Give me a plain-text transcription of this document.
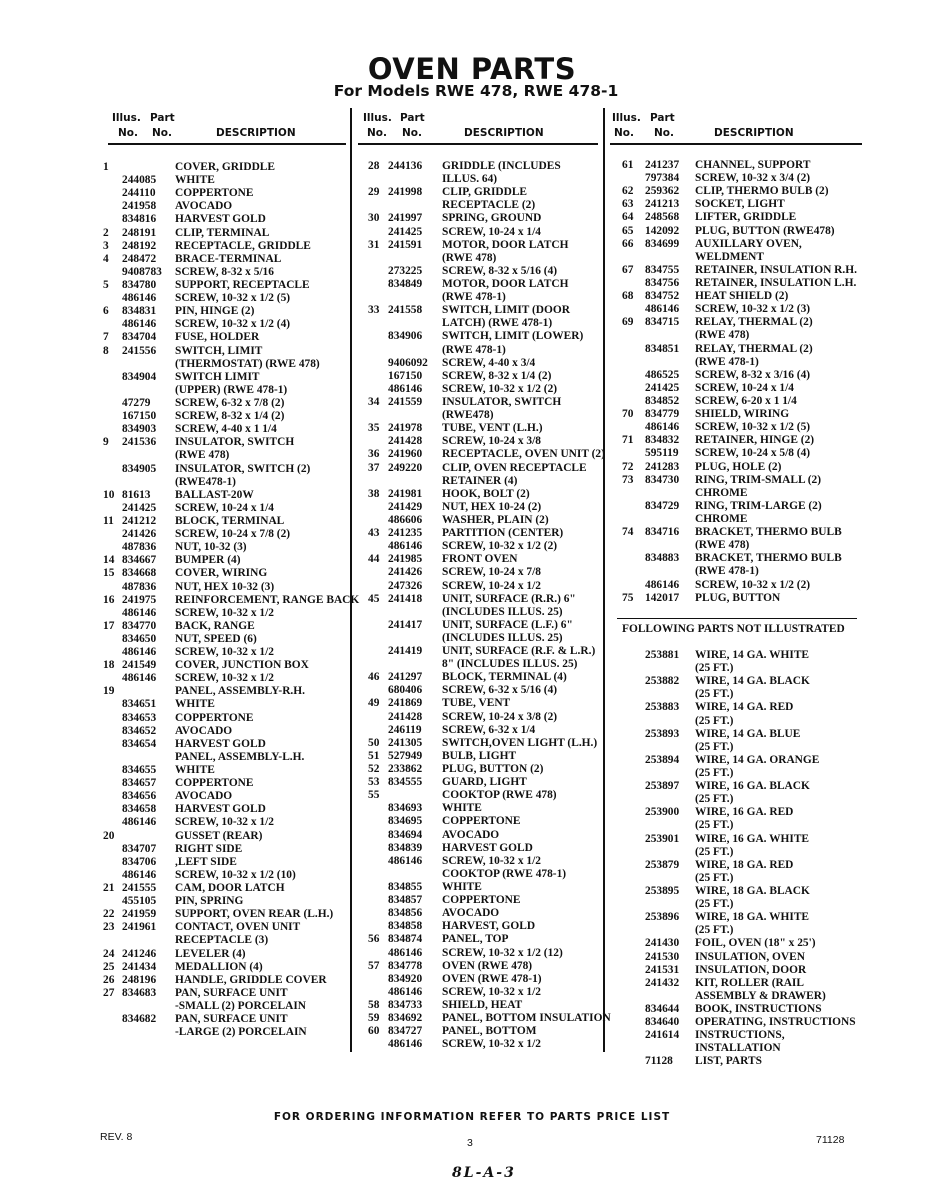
OVEN PARTS
For Models RWE 478, RWE 478-1
Illus. Part
No. No.	DESCRIPTION
Illus. Part
No. No.	DESCRIPTION
Illus. Part
No. No.	DESCRIPTION
1	COVER, GRIDDLE
244085 WHITE
244110 COPPERTONE
241958 AVOCADO
834816 HARVEST GOLD
2 248191 CLIP, TERMINAL
3 248192 RECEPTACLE, GRIDDLE
4 248472 BRACE-TERMINAL
9408783 SCREW, 8-32 x 5/16
5 834780 SUPPORT, RECEPTACLE
486146 SCREW, 10-32 x 1/2 (5)
6 834831 PIN, HINGE (2)
486146 SCREW, 10-32 x 1/2 (4)
7 834704 FUSE, HOLDER
8 241556 SWITCH, LIMIT
(THERMOSTAT) (RWE 478)
834904 SWITCH LIMIT
(UPPER) (RWE 478-1)
47279 SCREW, 6-32 x 7/8 (2)
167150 SCREW, 8-32 x 1/4 (2)
834903 SCREW, 4-40 x 1 1/4
9 241536 INSULATOR, SWITCH
(RWE 478)
834905 INSULATOR, SWITCH (2)
(RWE478-1)
10 81613 BALLAST-20W
241425 SCREW, 10-24 x 1/4
11 241212 BLOCK, TERMINAL
241426 SCREW, 10-24 x 7/8 (2)
487836 NUT, 10-32 (3)
14 834667 BUMPER (4)
15 834668 COVER, WIRING
487836 NUT, HEX 10-32 (3)
16 241975 REINFORCEMENT, RANGE BACK
486146 SCREW, 10-32 x 1/2
17 834770 BACK, RANGE
834650 NUT, SPEED (6)
486146 SCREW, 10-32 x 1/2
18 241549 COVER, JUNCTION BOX
486146 SCREW, 10-32 x 1/2
19	PANEL, ASSEMBLY-R.H.
834651 WHITE
834653 COPPERTONE
834652 AVOCADO
834654 HARVEST GOLD
PANEL, ASSEMBLY-L.H.
834655 WHITE
834657 COPPERTONE
834656 AVOCADO
834658 HARVEST GOLD
486146 SCREW, 10-32 x 1/2
20	GUSSET (REAR)
834707 RIGHT SIDE
834706 ,LEFT SIDE
486146 SCREW, 10-32 x 1/2 (10)
21 241555 CAM, DOOR LATCH
455105 PIN, SPRING
22 241959 SUPPORT, OVEN REAR (L.H.)
23 241961 CONTACT, OVEN UNIT
RECEPTACLE (3)
24 241246 LEVELER (4)
25 241434 MEDALLION (4)
26 248196 HANDLE, GRIDDLE COVER
27 834683 PAN, SURFACE UNIT
-SMALL (2) PORCELAIN
834682 PAN, SURFACE UNIT
-LARGE (2) PORCELAIN
28 244136 GRIDDLE (INCLUDES
ILLUS. 64)
29 241998 CLIP, GRIDDLE
RECEPTACLE (2)
30 241997 SPRING, GROUND
241425 SCREW, 10-24 x 1/4
31 241591 MOTOR, DOOR LATCH
(RWE 478)
273225 SCREW, 8-32 x 5/16 (4)
834849 MOTOR, DOOR LATCH
(RWE 478-1)
33 241558 SWITCH, LIMIT (DOOR
LATCH) (RWE 478-1)
834906 SWITCH, LIMIT (LOWER)
(RWE 478-1)
9406092 SCREW, 4-40 x 3/4
167150 SCREW, 8-32 x 1/4 (2)
486146 SCREW, 10-32 x 1/2 (2)
34 241559 INSULATOR, SWITCH
(RWE478)
35 241978 TUBE, VENT (L.H.)
241428 SCREW, 10-24 x 3/8
36 241960 RECEPTACLE, OVEN UNIT (2)
37 249220 CLIP, OVEN RECEPTACLE
RETAINER (4)
38 241981 HOOK, BOLT (2)
241429 NUT, HEX 10-24 (2)
486606 WASHER, PLAIN (2)
43 241235 PARTITION (CENTER)
486146 SCREW, 10-32 x 1/2 (2)
44 241985 FRONT OVEN
241426 SCREW, 10-24 x 7/8
247326 SCREW, 10-24 x 1/2
45 241418 UNIT, SURFACE (R.R.) 6"
(INCLUDES ILLUS. 25)
241417 UNIT, SURFACE (L.F.) 6"
(INCLUDES ILLUS. 25)
241419 UNIT, SURFACE (R.F. & L.R.)
8" (INCLUDES ILLUS. 25)
46 241297 BLOCK, TERMINAL (4)
680406 SCREW, 6-32 x 5/16 (4)
49 241869 TUBE, VENT
241428 SCREW, 10-24 x 3/8 (2)
246119 SCREW, 6-32 x 1/4
50 241305 SWITCH,OVEN LIGHT (L.H.)
51 527949 BULB, LIGHT
52 233862 PLUG, BUTTON (2)
53 834555 GUARD, LIGHT
55	COOKTOP (RWE 478)
834693 WHITE
834695 COPPERTONE
834694 AVOCADO
834839 HARVEST GOLD
486146 SCREW, 10-32 x 1/2
COOKTOP (RWE 478-1)
834855 WHITE
834857 COPPERTONE
834856 AVOCADO
834858 HARVEST, GOLD
56 834874 PANEL, TOP
486146 SCREW, 10-32 x 1/2 (12)
57 834778 OVEN (RWE 478)
834920 OVEN (RWE 478-1)
486146 SCREW, 10-32 x 1/2
58 834733 SHIELD, HEAT
59 834692 PANEL, BOTTOM INSULATION
60 834727 PANEL, BOTTOM
486146 SCREW, 10-32 x 1/2
61 241237 CHANNEL, SUPPORT
797384 SCREW, 10-32 x 3/4 (2)
62 259362 CLIP, THERMO BULB (2)
63 241213 SOCKET, LIGHT
64 248568 LIFTER, GRIDDLE
65 142092 PLUG, BUTTON (RWE478)
66 834699 AUXILLARY OVEN,
WELDMENT
67 834755 RETAINER, INSULATION R.H.
834756 RETAINER, INSULATION L.H.
68 834752 HEAT SHIELD (2)
486146 SCREW, 10-32 x 1/2 (3)
69 834715 RELAY, THERMAL (2)
(RWE 478)
834851 RELAY, THERMAL (2)
(RWE 478-1)
486525 SCREW, 8-32 x 3/16 (4)
241425 SCREW, 10-24 x 1/4
834852 SCREW, 6-20 x 1 1/4
70 834779 SHIELD, WIRING
486146 SCREW, 10-32 x 1/2 (5)
71 834832 RETAINER, HINGE (2)
595119 SCREW, 10-24 x 5/8 (4)
72 241283 PLUG, HOLE (2)
73 834730 RING, TRIM-SMALL (2)
CHROME
834729 RING, TRIM-LARGE (2)
CHROME
74 834716 BRACKET, THERMO BULB
(RWE 478)
834883 BRACKET, THERMO BULB
(RWE 478-1)
486146 SCREW, 10-32 x 1/2 (2)
75 142017 PLUG, BUTTON
FOLLOWING PARTS NOT ILLUSTRATED
253881 WIRE, 14 GA. WHITE
(25 FT.)
253882 WIRE, 14 GA. BLACK
(25 FT.)
253883 WIRE, 14 GA. RED
(25 FT.)
253893 WIRE, 14 GA. BLUE
(25 FT.)
253894 WIRE, 14 GA. ORANGE
(25 FT.)
253897 WIRE, 16 GA. BLACK
(25 FT.)
253900 WIRE, 16 GA. RED
(25 FT.)
253901 WIRE, 16 GA. WHITE
(25 FT.)
253879 WIRE, 18 GA. RED
(25 FT.)
253895 WIRE, 18 GA. BLACK
(25 FT.)
253896 WIRE, 18 GA. WHITE
(25 FT.)
241430 FOIL, OVEN (18" x 25')
241530 INSULATION, OVEN
241531 INSULATION, DOOR
241432 KIT, ROLLER (RAIL
ASSEMBLY & DRAWER)
834644 BOOK, INSTRUCTIONS
834640 OPERATING, INSTRUCTIONS
241614 INSTRUCTIONS,
INSTALLATION
71128 LIST, PARTS
FOR ORDERING INFORMATION REFER TO PARTS PRICE LIST
REV. 8	3	71128
8L-A-3
